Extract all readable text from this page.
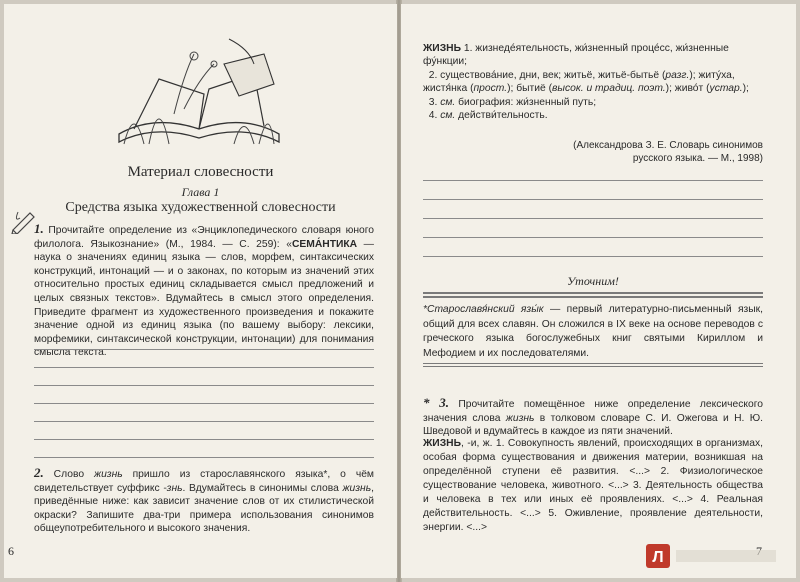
Материал словесности
Глава 1
Средства языка художественной словесности
1. Прочитайте определение из «Энциклопедического словаря юного филолога. Языкознание» (М., 1984. — С. 259): «СЕМА́НТИКА — наука о значениях единиц языка — слов, морфем, синтаксических конструкций, интонаций — и о законах, по которым из значений этих относительно простых единиц складывается смысл предложений и целых связных текстов». Вдумайтесь в смысл этого определения. Приведите фрагмент из художественного произведения и покажите значение одной из единиц языка (по вашему выбору: лексики, морфемики, синтаксической конструкции, интонации) для понимания смысла текста.
2. Слово жизнь пришло из старославянского языка*, о чём свидетельствует суффикс -знь. Вдумайтесь в синонимы слова жизнь, приведённые ниже: как зависит значение слов от их стилистической окраски? Запишите два-три примера использования синонимов общеупотребительного и высокого значения.
6

ЖИЗНЬ 1. жизнеде́ятельность, жи́зненный проце́сс, жи́зненные фу́нкции;

2. существова́ние, дни, век; житьё, житьё-бытьё (разг.); житу́ха, жистя́нка (прост.); бытиё (высок. и традиц. поэт.); живо́т (устар.);

3. см. биография: жи́зненный путь;

4. см. действи́тельность.

(Александрова З. Е. Словарь синонимов русского языка. — М., 1998)
Уточним!
*Старославя́нский язы́к — первый литературно-письменный язык, общий для всех славян. Он сложился в IX веке на основе переводов с греческого языка богослужебных книг святыми Кириллом и Мефодием и их последователями.
* 3. Прочитайте помещённое ниже определение лексического значения слова жизнь в толковом словаре С. И. Ожегова и Н. Ю. Шведовой и вдумайтесь в каждое из пяти значений.
ЖИЗНЬ, -и, ж. 1. Совокупность явлений, происходящих в организмах, особая форма существования и движения материи, возникшая на определённой ступени её развития. <...> 2. Физиологическое существование человека, животного. <...> 3. Деятельность общества и человека в тех или иных её проявлениях. <...> 4. Реальная действительность. <...> 5. Оживление, проявление деятельности, энергии. <...>
Л
